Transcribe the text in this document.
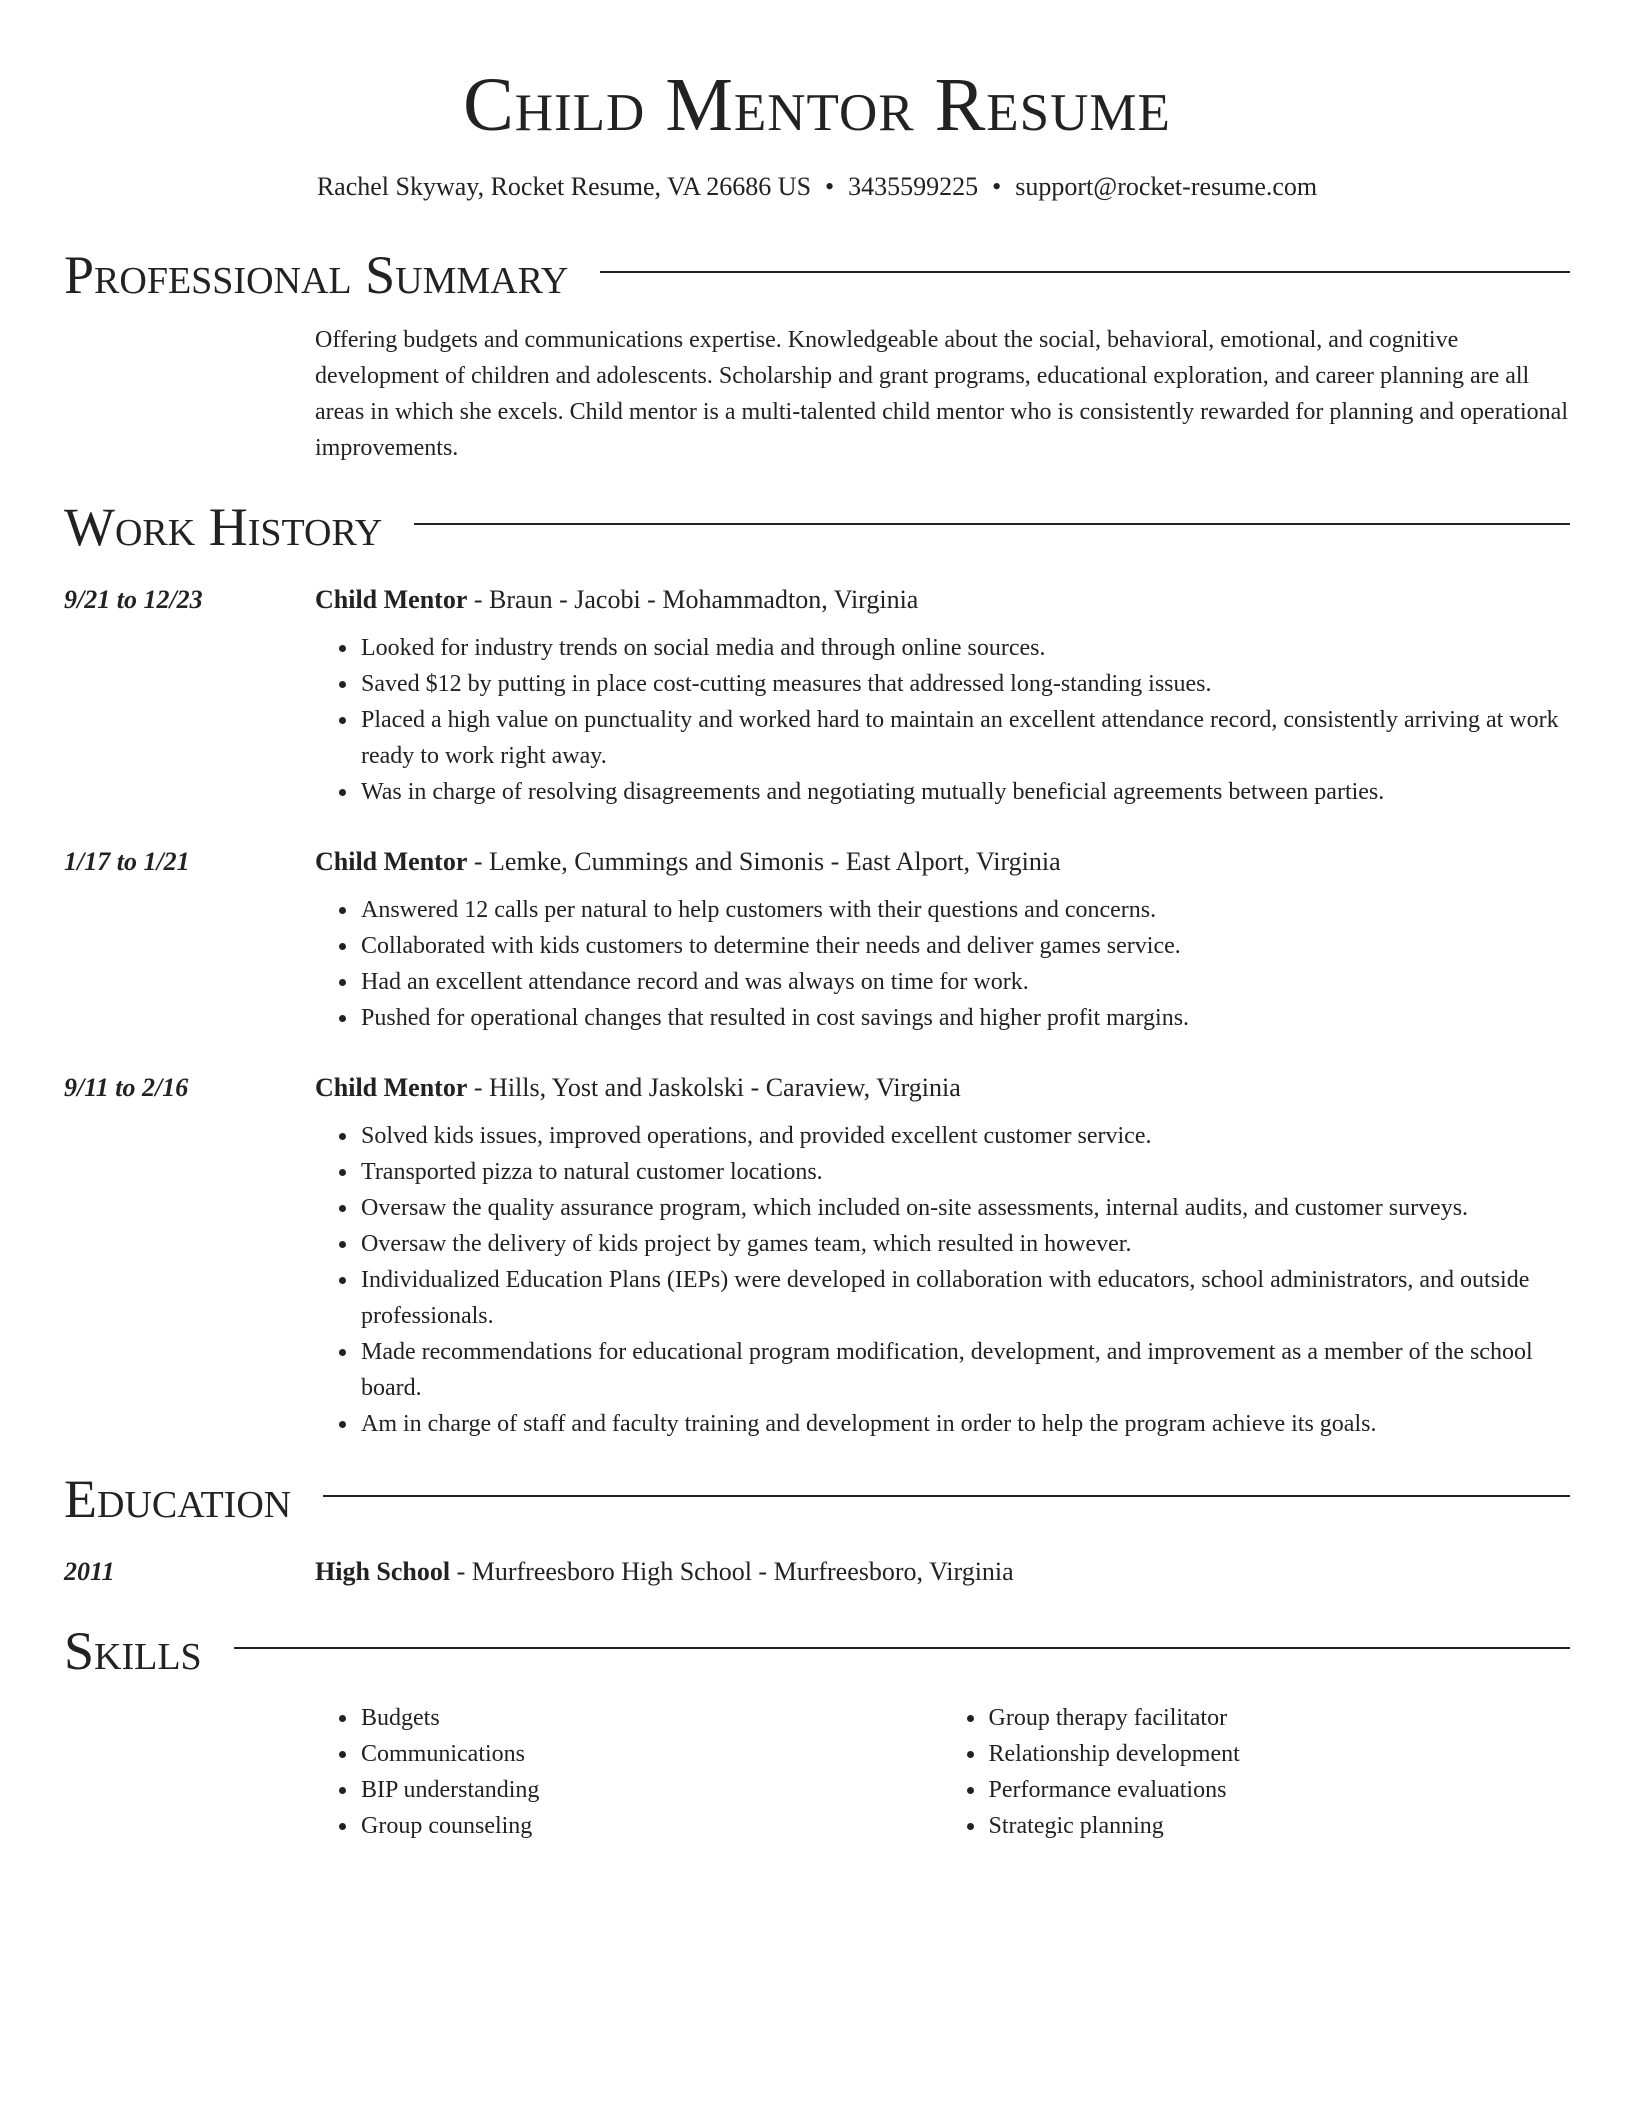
Child Mentor Resume
Rachel Skyway, Rocket Resume, VA 26686 US • 3435599225 • support@rocket-resume.com
Professional Summary
Offering budgets and communications expertise. Knowledgeable about the social, behavioral, emotional, and cognitive development of children and adolescents. Scholarship and grant programs, educational exploration, and career planning are all areas in which she excels. Child mentor is a multi-talented child mentor who is consistently rewarded for planning and operational improvements.
Work History
9/21 to 12/23	Child Mentor - Braun - Jacobi - Mohammadton, Virginia
• Looked for industry trends on social media and through online sources.
• Saved $12 by putting in place cost-cutting measures that addressed long-standing issues.
• Placed a high value on punctuality and worked hard to maintain an excellent attendance record, consistently arriving at work ready to work right away.
• Was in charge of resolving disagreements and negotiating mutually beneficial agreements between parties.
1/17 to 1/21	Child Mentor - Lemke, Cummings and Simonis - East Alport, Virginia
• Answered 12 calls per natural to help customers with their questions and concerns.
• Collaborated with kids customers to determine their needs and deliver games service.
• Had an excellent attendance record and was always on time for work.
• Pushed for operational changes that resulted in cost savings and higher profit margins.
9/11 to 2/16	Child Mentor - Hills, Yost and Jaskolski - Caraview, Virginia
• Solved kids issues, improved operations, and provided excellent customer service.
• Transported pizza to natural customer locations.
• Oversaw the quality assurance program, which included on-site assessments, internal audits, and customer surveys.
• Oversaw the delivery of kids project by games team, which resulted in however.
• Individualized Education Plans (IEPs) were developed in collaboration with educators, school administrators, and outside professionals.
• Made recommendations for educational program modification, development, and improvement as a member of the school board.
• Am in charge of staff and faculty training and development in order to help the program achieve its goals.
Education
2011	High School - Murfreesboro High School - Murfreesboro, Virginia
Skills
• Budgets
• Communications
• BIP understanding
• Group counseling
• Group therapy facilitator
• Relationship development
• Performance evaluations
• Strategic planning
